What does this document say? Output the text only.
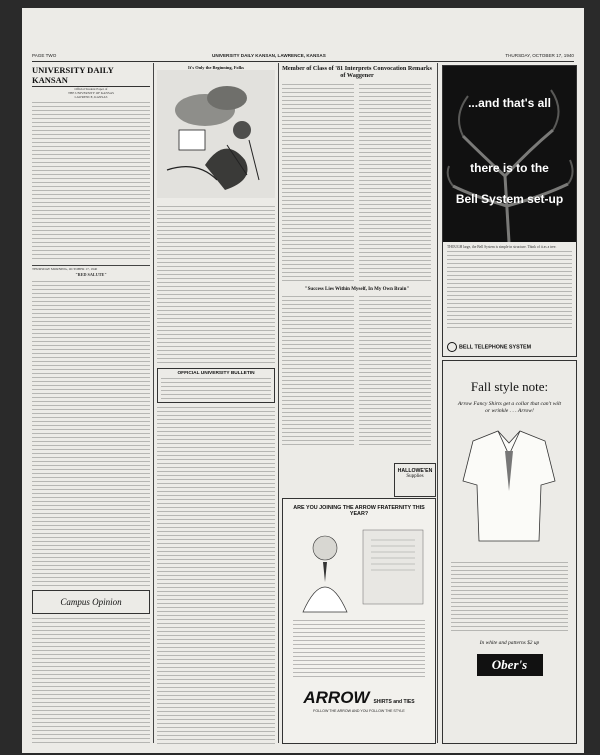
PAGE TWO	UNIVERSITY DAILY KANSAN, LAWRENCE, KANSAS	THURSDAY, OCTOBER 17, 1940
UNIVERSITY DAILY KANSAN
Official Student Paper of
THE UNIVERSITY OF KANSAS
LAWRENCE, KANSAS
THURSDAY MORNING, OCTOBER 17, 1940
"RED SALUTE"
Campus Opinion
It's Only the Beginning, Folks
OFFICIAL UNIVERSITY BULLETIN
Member of Class of '81 Interprets Convocation Remarks of Waggener
"Success Lies Within Myself, In My Own Brain"
HALLOWE'EN
Supplies
ARE YOU JOINING THE ARROW FRATERNITY THIS YEAR?
ARROW SHIRTS and TIES
FOLLOW THE ARROW AND YOU FOLLOW THE STYLE
...and that's all
there is to the
Bell System set-up
THOUGH large, the Bell System is simple in structure. Think of it as a tree.
BELL TELEPHONE SYSTEM
Fall style note:
Arrow Fancy Shirts get a collar that can't wilt or wrinkle . . . Arrow!
In white and patterns $2 up
Ober's
